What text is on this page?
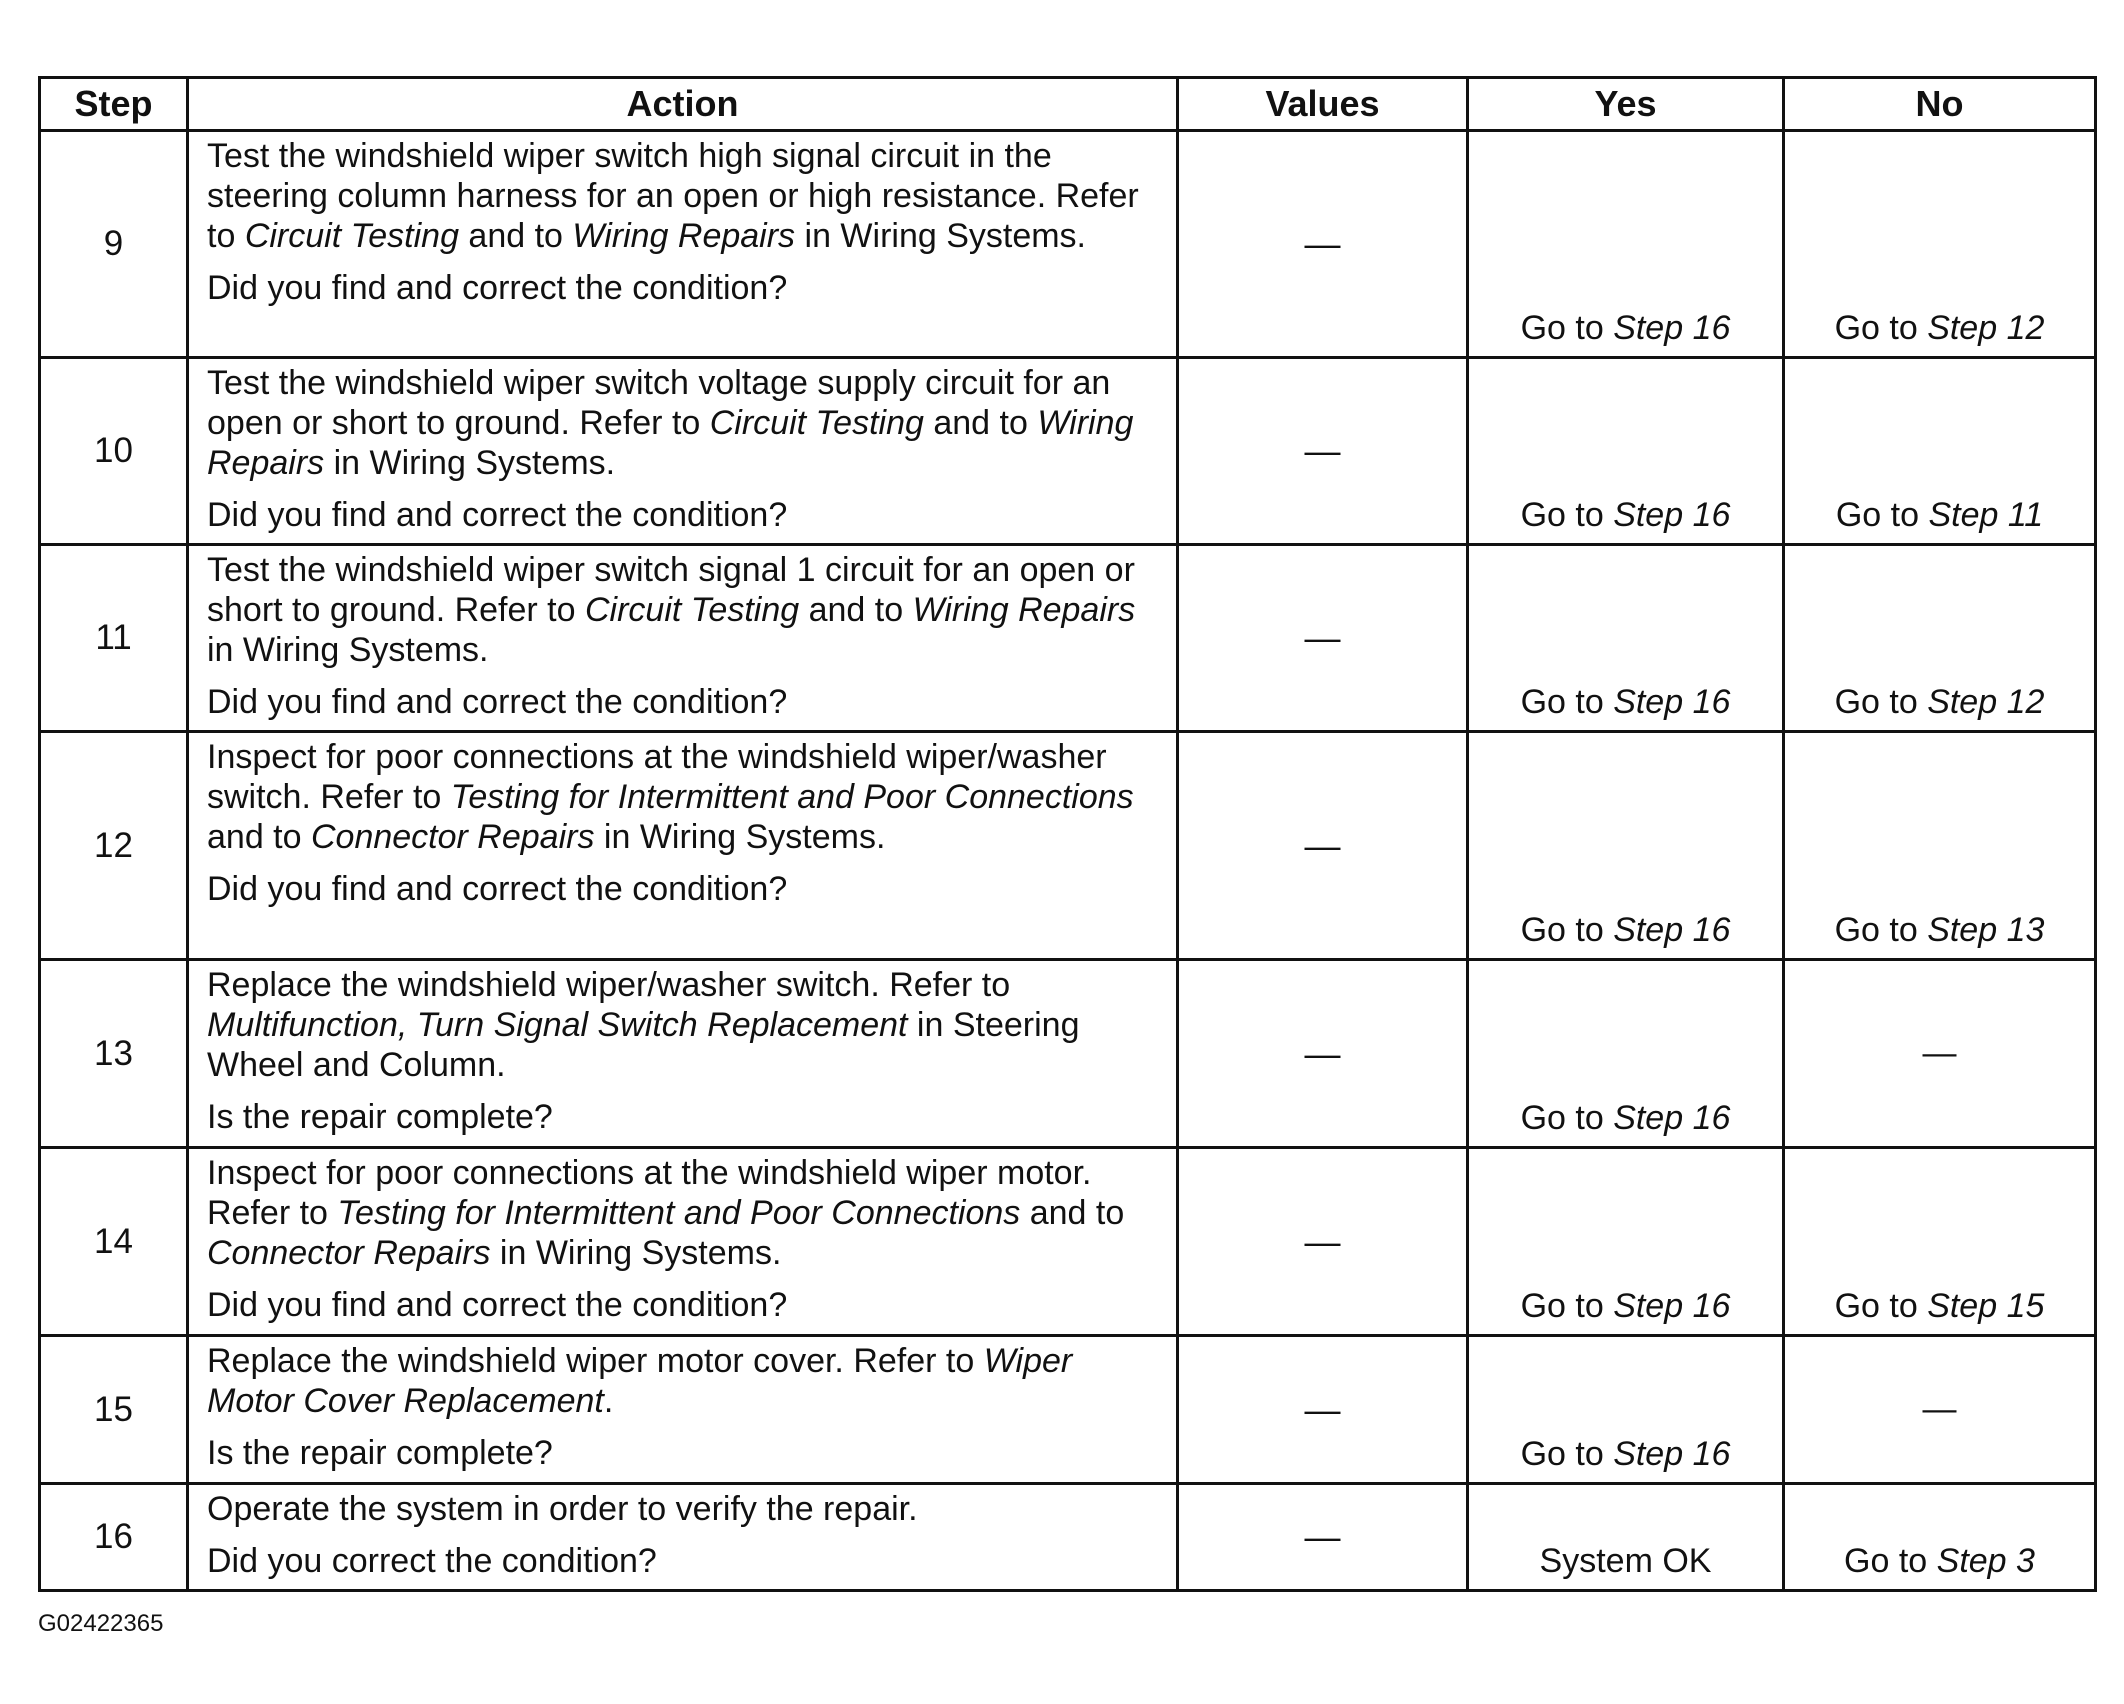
Step	Action	Values	Yes	No
9	Test the windshield wiper switch high signal circuit in the steering column harness for an open or high resistance. Refer to Circuit Testing and to Wiring Repairs in Wiring Systems.
Did you find and correct the condition?	—	Go to Step 16	Go to Step 12
10	Test the windshield wiper switch voltage supply circuit for an open or short to ground. Refer to Circuit Testing and to Wiring Repairs in Wiring Systems.
Did you find and correct the condition?	—	Go to Step 16	Go to Step 11
11	Test the windshield wiper switch signal 1 circuit for an open or short to ground. Refer to Circuit Testing and to Wiring Repairs in Wiring Systems.
Did you find and correct the condition?	—	Go to Step 16	Go to Step 12
12	Inspect for poor connections at the windshield wiper/washer switch. Refer to Testing for Intermittent and Poor Connections and to Connector Repairs in Wiring Systems.
Did you find and correct the condition?	—	Go to Step 16	Go to Step 13
13	Replace the windshield wiper/washer switch. Refer to Multifunction, Turn Signal Switch Replacement in Steering Wheel and Column.
Is the repair complete?	—	Go to Step 16	—
14	Inspect for poor connections at the windshield wiper motor. Refer to Testing for Intermittent and Poor Connections and to Connector Repairs in Wiring Systems.
Did you find and correct the condition?	—	Go to Step 16	Go to Step 15
15	Replace the windshield wiper motor cover. Refer to Wiper Motor Cover Replacement.
Is the repair complete?	—	Go to Step 16	—
16	Operate the system in order to verify the repair.
Did you correct the condition?	—	System OK	Go to Step 3
G02422365
